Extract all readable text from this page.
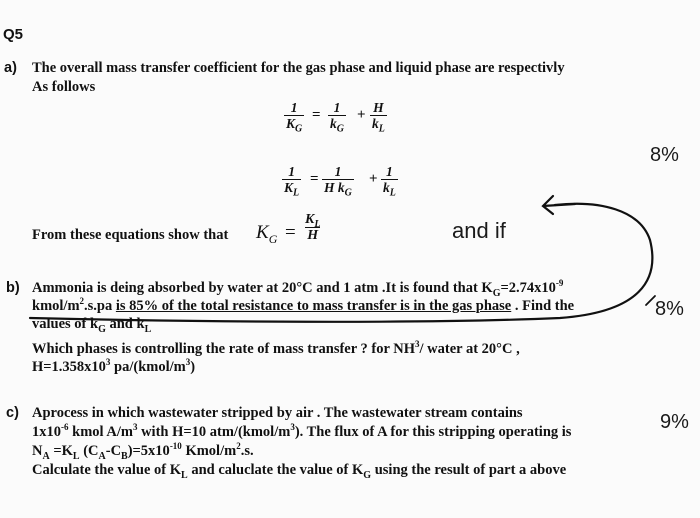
Q5
a) The overall mass transfer coefficient for the gas phase and liquid phase are respectivly
As follows
$\frac{1}{K_G} = \frac{1}{k_G} + \frac{H}{k_L}$
$\frac{1}{K_L} = \frac{1}{H k_G} + \frac{1}{k_L}$
From these equations show that $K_G = \frac{K_L}{H}$
8%
8%
9%
and if
b) Ammonia is deing absorbed by water at 20°C and 1 atm .It is found that $K_G=2.74x10^{-9}$
kmol/$m^2.s.pa$ is 85% of the total resistance to mass transfer is in the gas phase . Find the
values of $k_G$ and $k_L$
Which phases is controlling the rate of mass transfer ? for $NH^3/$ water at 20°C ,
$H=1.358x10^3$ $pa/(kmol/m^3)$
c) Aprocess in which wastewater stripped by air . The wastewater stream contains
$1x10^{-6}$ kmol $A/m^3$ with H=10 atm/$(kmol/m^3)$. The flux of A for this stripping operating is
$N_A =K_L$ $(C_A-C_B)=5x10^{-10}$ Kmol/$m^2.s$.
Calculate the value of $K_L$ and caluclate the value of $K_G$ using the result of part a above
